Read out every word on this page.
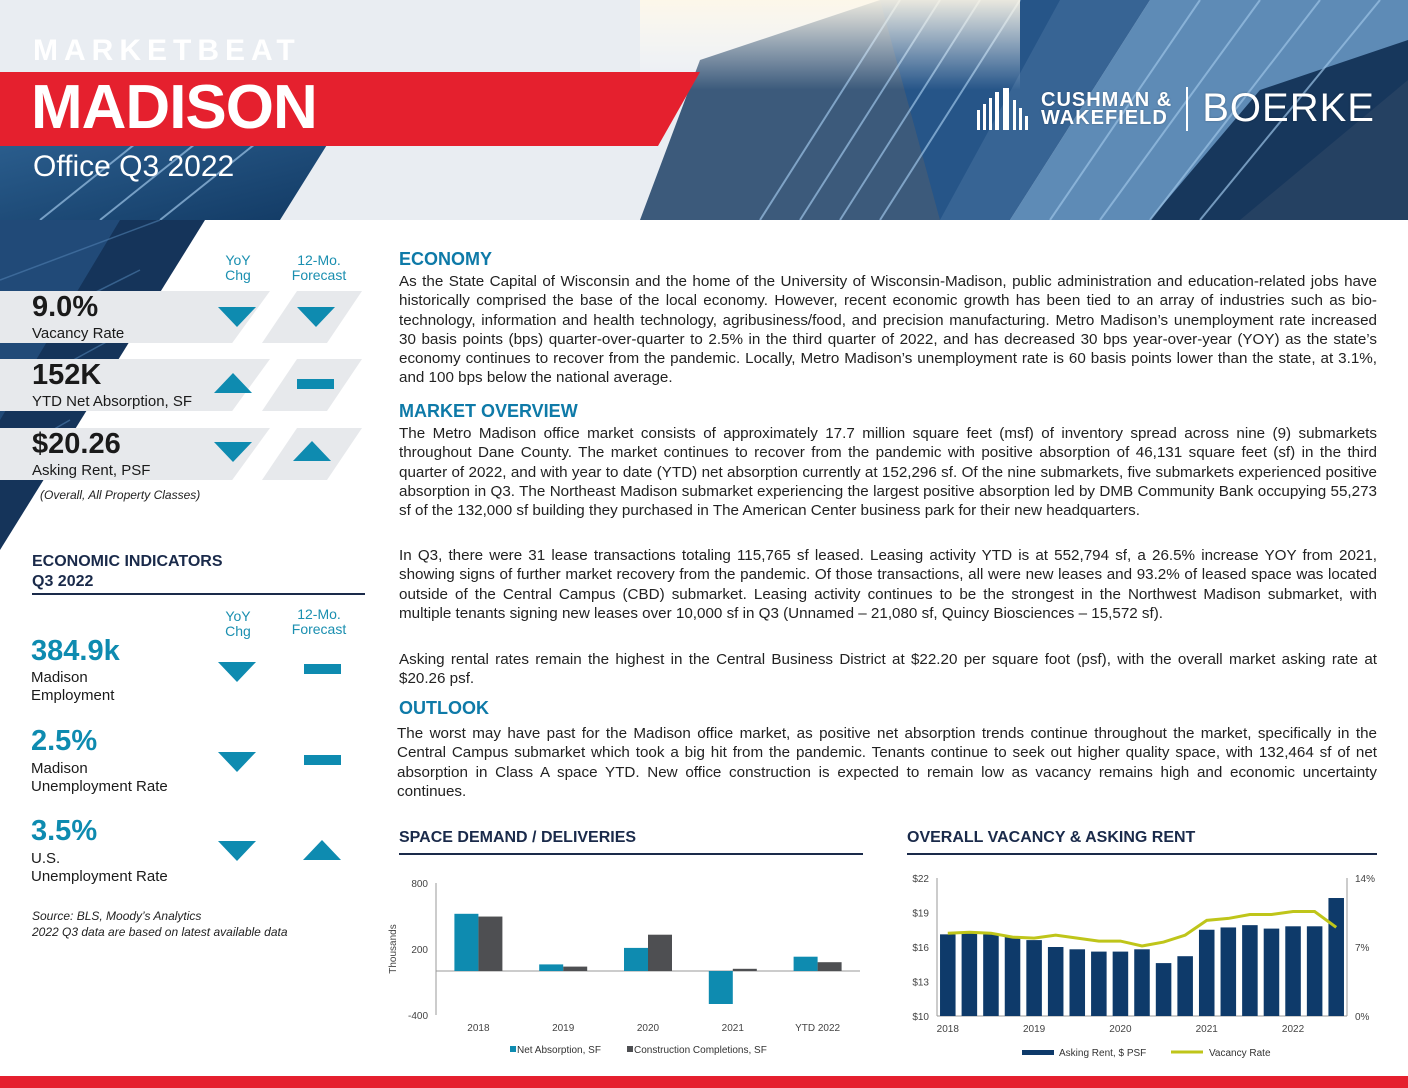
MARKETBEAT
MADISON
Office Q3 2022
CUSHMAN &
WAKEFIELD BOERKE
YoY
Chg
12-Mo.
Forecast
9.0%
Vacancy Rate
152K
YTD Net Absorption, SF
$20.26
Asking Rent, PSF
(Overall, All Property Classes)
ECONOMIC INDICATORS
Q3 2022
YoY
Chg
12-Mo.
Forecast
384.9k
Madison
Employment
2.5%
Madison
Unemployment Rate
3.5%
U.S.
Unemployment Rate
Source: BLS, Moody’s Analytics
2022 Q3 data are based on latest available data
ECONOMY
As the State Capital of Wisconsin and the home of the University of Wisconsin-Madison, public administration and education-related jobs have historically comprised the base of the local economy. However, recent economic growth has been tied to an array of industries such as bio-technology, information and health technology, agribusiness/food, and precision manufacturing. Metro Madison’s unemployment rate increased 30 basis points (bps) quarter-over-quarter to 2.5% in the third quarter of 2022, and has decreased 30 bps year-over-year (YOY) as the state’s economy continues to recover from the pandemic. Locally, Metro Madison’s unemployment rate is 60 basis points lower than the state, at 3.1%, and 100 bps below the national average.
MARKET OVERVIEW
The Metro Madison office market consists of approximately 17.7 million square feet (msf) of inventory spread across nine (9) submarkets throughout Dane County. The market continues to recover from the pandemic with positive absorption of 46,131 square feet (sf) in the third quarter of 2022, and with year to date (YTD) net absorption currently at 152,296 sf. Of the nine submarkets, five submarkets experienced positive absorption in Q3. The Northeast Madison submarket experiencing the largest positive absorption led by DMB Community Bank occupying 55,273 sf of the 132,000 sf building they purchased in The American Center business park for their new headquarters.
In Q3, there were 31 lease transactions totaling 115,765 sf leased. Leasing activity YTD is at 552,794 sf, a 26.5% increase YOY from 2021, showing signs of further market recovery from the pandemic. Of those transactions, all were new leases and 93.2% of leased space was located outside of the Central Campus (CBD) submarket. Leasing activity continues to be the strongest in the Northwest Madison submarket, with multiple tenants signing new leases over 10,000 sf in Q3 (Unnamed – 21,080 sf, Quincy Biosciences – 15,572 sf).
Asking rental rates remain the highest in the Central Business District at $22.20 per square foot (psf), with the overall market asking rate at $20.26 psf.
OUTLOOK
The worst may have past for the Madison office market, as positive net absorption trends continue throughout the market, specifically in the Central Campus submarket which took a big hit from the pandemic. Tenants continue to seek out higher quality space, with 132,464 sf of net absorption in Class A space YTD. New office construction is expected to remain low as vacancy remains high and economic uncertainty continues.
SPACE DEMAND / DELIVERIES
800
200
-400
Thousands
2018	2019	2020	2021	YTD 2022
Net Absorption, SF	Construction Completions, SF
OVERALL VACANCY & ASKING RENT
$22
$19
$16
$13
$10
14%
7%
0%
2018	2019	2020	2021	2022
Asking Rent, $ PSF	Vacancy Rate
